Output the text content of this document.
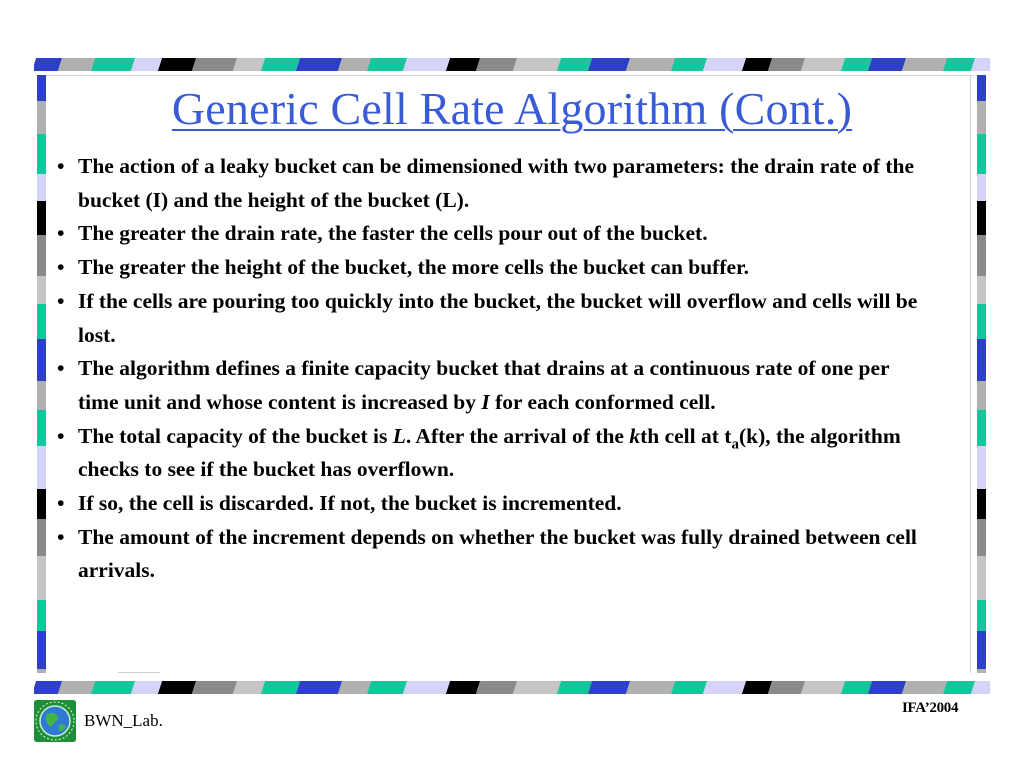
Generic Cell Rate Algorithm (Cont.)
• The action of a leaky bucket can be dimensioned with two parameters: the drain rate of the bucket (I) and the height of the bucket (L).
• The greater the drain rate, the faster the cells pour out of the bucket.
• The greater the height of the bucket, the more cells the bucket can buffer.
• If the cells are pouring too quickly into the bucket, the bucket will overflow and cells will be lost.
• The algorithm defines a finite capacity bucket that drains at a continuous rate of one per time unit and whose content is increased by I for each conformed cell.
• The total capacity of the bucket is L. After the arrival of the kth cell at $t_a(k)$, the algorithm checks to see if the bucket has overflown.
• If so, the cell is discarded. If not, the bucket is incremented.
• The amount of the increment depends on whether the bucket was fully drained between cell arrivals.
BWN_Lab.
IFA’2004
